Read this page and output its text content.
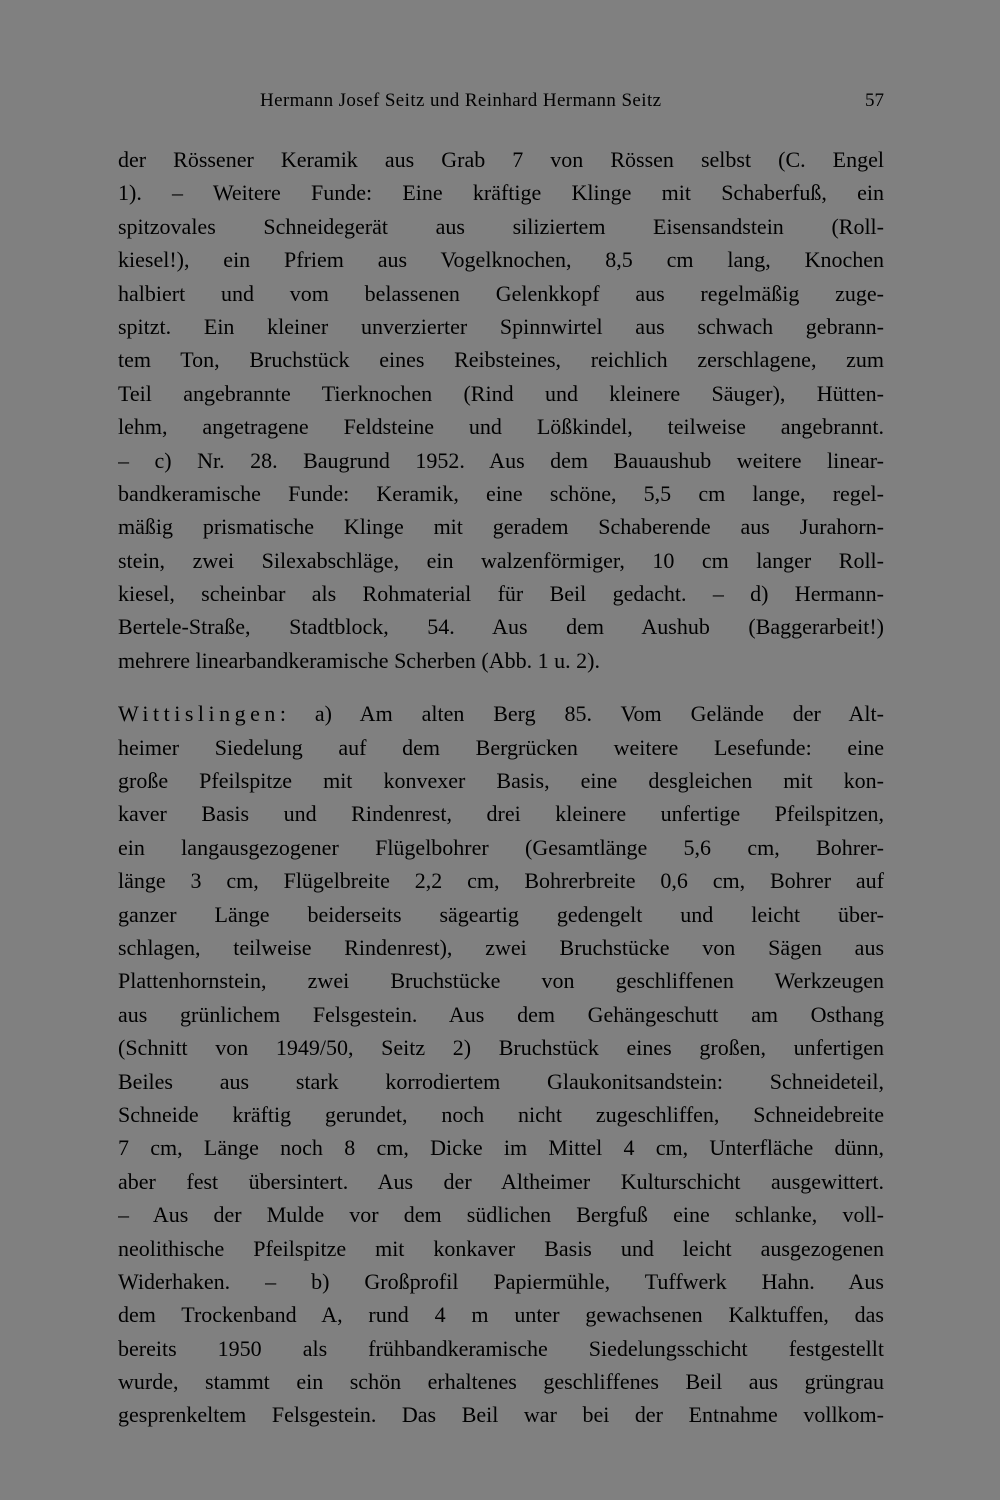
Hermann Josef Seitz und Reinhard Hermann Seitz	57
der Rössener Keramik aus Grab 7 von Rössen selbst (C. Engel
1). – Weitere Funde: Eine kräftige Klinge mit Schaberfuß, ein
spitzovales Schneidegerät aus siliziertem Eisensandstein (Roll-
kiesel!), ein Pfriem aus Vogelknochen, 8,5 cm lang, Knochen
halbiert und vom belassenen Gelenkkopf aus regelmäßig zuge-
spitzt. Ein kleiner unverzierter Spinnwirtel aus schwach gebrann-
tem Ton, Bruchstück eines Reibsteines, reichlich zerschlagene, zum
Teil angebrannte Tierknochen (Rind und kleinere Säuger), Hütten-
lehm, angetragene Feldsteine und Lößkindel, teilweise angebrannt.
– c) Nr. 28. Baugrund 1952. Aus dem Bauaushub weitere linear-
bandkeramische Funde: Keramik, eine schöne, 5,5 cm lange, regel-
mäßig prismatische Klinge mit geradem Schaberende aus Jurahorn-
stein, zwei Silexabschläge, ein walzenförmiger, 10 cm langer Roll-
kiesel, scheinbar als Rohmaterial für Beil gedacht. – d) Hermann-
Bertele-Straße, Stadtblock, 54. Aus dem Aushub (Baggerarbeit!)
mehrere linearbandkeramische Scherben (Abb. 1 u. 2).
Wittislingen: a) Am alten Berg 85. Vom Gelände der Alt-
heimer Siedelung auf dem Bergrücken weitere Lesefunde: eine
große Pfeilspitze mit konvexer Basis, eine desgleichen mit kon-
kaver Basis und Rindenrest, drei kleinere unfertige Pfeilspitzen,
ein langausgezogener Flügelbohrer (Gesamtlänge 5,6 cm, Bohrer-
länge 3 cm, Flügelbreite 2,2 cm, Bohrerbreite 0,6 cm, Bohrer auf
ganzer Länge beiderseits sägeartig gedengelt und leicht über-
schlagen, teilweise Rindenrest), zwei Bruchstücke von Sägen aus
Plattenhornstein, zwei Bruchstücke von geschliffenen Werkzeugen
aus grünlichem Felsgestein. Aus dem Gehängeschutt am Osthang
(Schnitt von 1949/50, Seitz 2) Bruchstück eines großen, unfertigen
Beiles aus stark korrodiertem Glaukonitsandstein: Schneideteil,
Schneide kräftig gerundet, noch nicht zugeschliffen, Schneidebreite
7 cm, Länge noch 8 cm, Dicke im Mittel 4 cm, Unterfläche dünn,
aber fest übersintert. Aus der Altheimer Kulturschicht ausgewittert.
– Aus der Mulde vor dem südlichen Bergfuß eine schlanke, voll-
neolithische Pfeilspitze mit konkaver Basis und leicht ausgezogenen
Widerhaken. – b) Großprofil Papiermühle, Tuffwerk Hahn. Aus
dem Trockenband A, rund 4 m unter gewachsenen Kalktuffen, das
bereits 1950 als frühbandkeramische Siedelungsschicht festgestellt
wurde, stammt ein schön erhaltenes geschliffenes Beil aus grüngrau
gesprenkeltem Felsgestein. Das Beil war bei der Entnahme vollkom-
